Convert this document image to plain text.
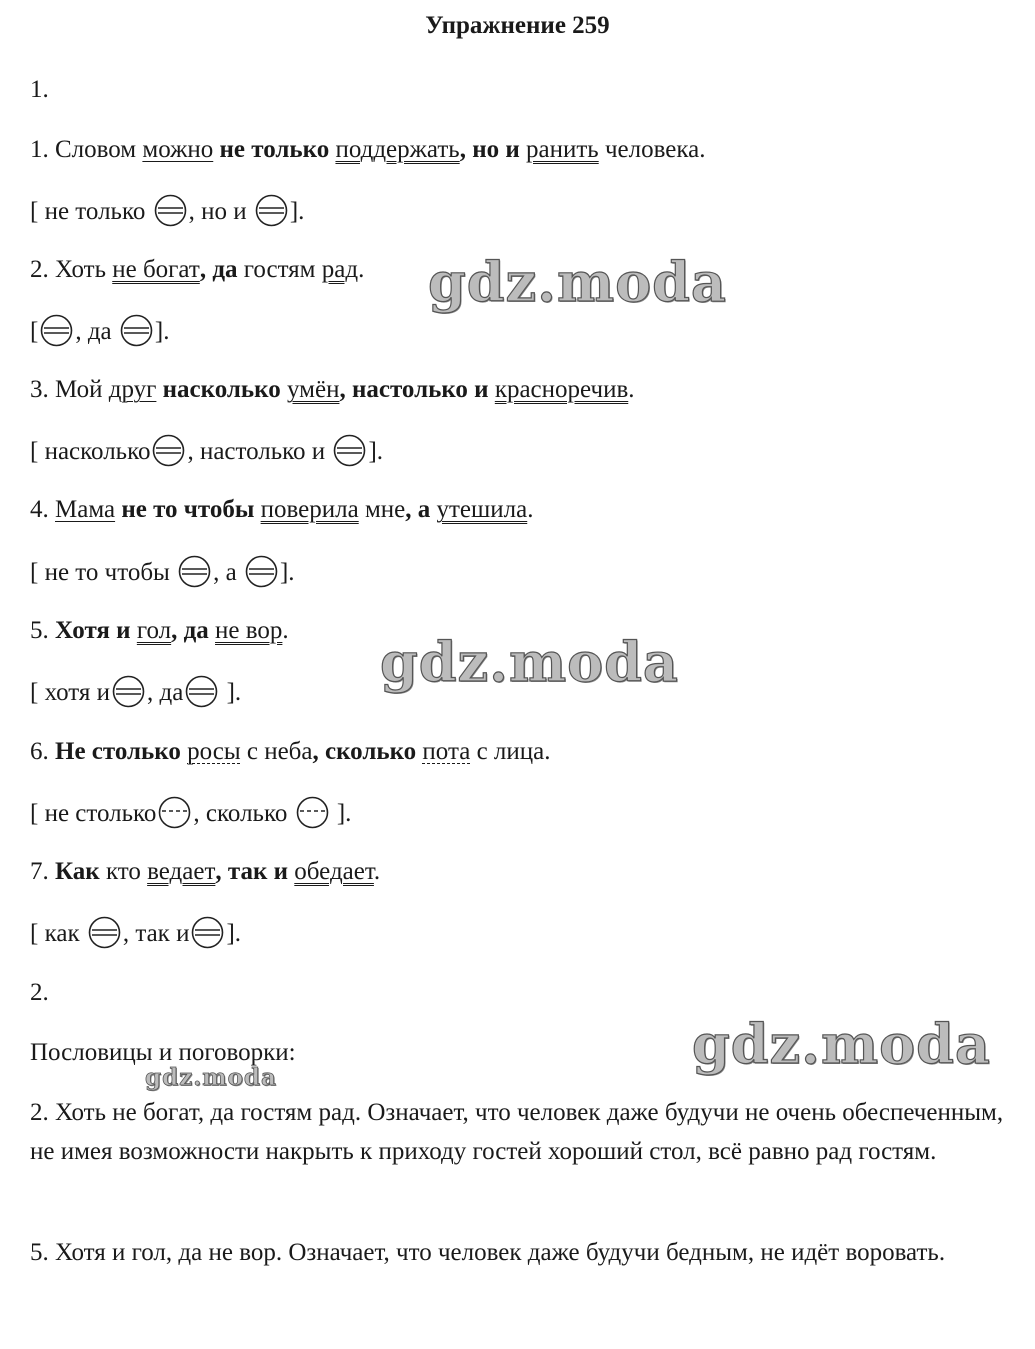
Упражнение 259
1.
1. Словом можно не только поддержать, но и ранить человека.
[ не только
, но и
].
2. Хоть не богат, да гостям рад.
[ , да
].
3. Мой друг насколько умён, настолько и красноречив.
[ насколько , настолько и
].
4. Мама не то чтобы поверила мне, а утешила.
[ не то чтобы
, а
].
5. Хотя и гол, да не вор.
[ хотя и , да
].
6. Не столько росы с неба, сколько пота с лица.
[ не столько , сколько
].
7. Как кто ведает, так и обедает.
[ как
, так и ].
2.
Пословицы и поговорки:
2. Хоть не богат, да гостям рад. Означает, что человек даже будучи не очень обеспеченным, не имея возможности накрыть к приходу гостей хороший стол, всё равно рад гостям.
5. Хотя и гол, да не вор. Означает, что человек даже будучи бедным, не идёт воровать.
gdz.moda
gdz.moda
gdz.moda
gdz.moda
